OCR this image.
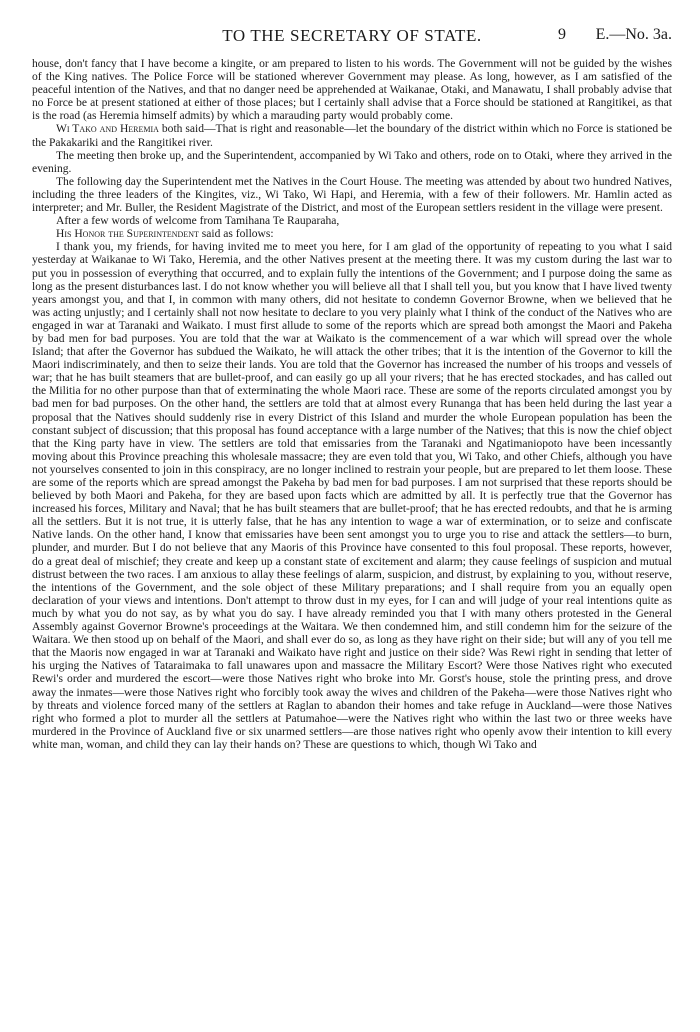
TO THE SECRETARY OF STATE.	9 E.—No. 3a.

house, don't fancy that I have become a kingite, or am prepared to listen to his words. The Government will not be guided by the wishes of the King natives. The Police Force will be stationed wherever Government may please. As long, however, as I am satisfied of the peaceful intention of the Natives, and that no danger need be apprehended at Waikanae, Otaki, and Manawatu, I shall probably advise that no Force be at present stationed at either of those places; but I certainly shall advise that a Force should be stationed at Rangitikei, as that is the road (as Heremia himself admits) by which a marauding party would probably come.

Wi Tako and Heremia both said—That is right and reasonable—let the boundary of the district within which no Force is stationed be the Pakakariki and the Rangitikei river.

The meeting then broke up, and the Superintendent, accompanied by Wi Tako and others, rode on to Otaki, where they arrived in the evening.

The following day the Superintendent met the Natives in the Court House. The meeting was attended by about two hundred Natives, including the three leaders of the Kingites, viz., Wi Tako, Wi Hapi, and Heremia, with a few of their followers. Mr. Hamlin acted as interpreter; and Mr. Buller, the Resident Magistrate of the District, and most of the European settlers resident in the village were present.

After a few words of welcome from Tamihana Te Rauparaha,

His Honor the Superintendent said as follows:

I thank you, my friends, for having invited me to meet you here, for I am glad of the opportunity of repeating to you what I said yesterday at Waikanae to Wi Tako, Heremia, and the other Natives present at the meeting there. It was my custom during the last war to put you in possession of everything that occurred, and to explain fully the intentions of the Government; and I purpose doing the same as long as the present disturbances last. I do not know whether you will believe all that I shall tell you, but you know that I have lived twenty years amongst you, and that I, in common with many others, did not hesitate to condemn Governor Browne, when we believed that he was acting unjustly; and I certainly shall not now hesitate to declare to you very plainly what I think of the conduct of the Natives who are engaged in war at Taranaki and Waikato. I must first allude to some of the reports which are spread both amongst the Maori and Pakeha by bad men for bad purposes. You are told that the war at Waikato is the commencement of a war which will spread over the whole Island; that after the Governor has subdued the Waikato, he will attack the other tribes; that it is the intention of the Governor to kill the Maori indiscriminately, and then to seize their lands. You are told that the Governor has increased the number of his troops and vessels of war; that he has built steamers that are bullet-proof, and can easily go up all your rivers; that he has erected stockades, and has called out the Militia for no other purpose than that of exterminating the whole Maori race. These are some of the reports circulated amongst you by bad men for bad purposes. On the other hand, the settlers are told that at almost every Runanga that has been held during the last year a proposal that the Natives should suddenly rise in every District of this Island and murder the whole European population has been the constant subject of discussion; that this proposal has found acceptance with a large number of the Natives; that this is now the chief object that the King party have in view. The settlers are told that emissaries from the Taranaki and Ngatimaniopoto have been incessantly moving about this Province preaching this wholesale massacre; they are even told that you, Wi Tako, and other Chiefs, although you have not yourselves consented to join in this conspiracy, are no longer inclined to restrain your people, but are prepared to let them loose. These are some of the reports which are spread amongst the Pakeha by bad men for bad purposes. I am not surprised that these reports should be believed by both Maori and Pakeha, for they are based upon facts which are admitted by all. It is perfectly true that the Governor has increased his forces, Military and Naval; that he has built steamers that are bullet-proof; that he has erected redoubts, and that he is arming all the settlers. But it is not true, it is utterly false, that he has any intention to wage a war of extermination, or to seize and confiscate Native lands. On the other hand, I know that emissaries have been sent amongst you to urge you to rise and attack the settlers—to burn, plunder, and murder. But I do not believe that any Maoris of this Province have consented to this foul proposal. These reports, however, do a great deal of mischief; they create and keep up a constant state of excitement and alarm; they cause feelings of suspicion and mutual distrust between the two races. I am anxious to allay these feelings of alarm, suspicion, and distrust, by explaining to you, without reserve, the intentions of the Government, and the sole object of these Military preparations; and I shall require from you an equally open declaration of your views and intentions. Don't attempt to throw dust in my eyes, for I can and will judge of your real intentions quite as much by what you do not say, as by what you do say. I have already reminded you that I with many others protested in the General Assembly against Governor Browne's proceedings at the Waitara. We then condemned him, and still condemn him for the seizure of the Waitara. We then stood up on behalf of the Maori, and shall ever do so, as long as they have right on their side; but will any of you tell me that the Maoris now engaged in war at Taranaki and Waikato have right and justice on their side? Was Rewi right in sending that letter of his urging the Natives of Tataraimaka to fall unawares upon and massacre the Military Escort? Were those Natives right who executed Rewi's order and murdered the escort—were those Natives right who broke into Mr. Gorst's house, stole the printing press, and drove away the inmates—were those Natives right who forcibly took away the wives and children of the Pakeha—were those Natives right who by threats and violence forced many of the settlers at Raglan to abandon their homes and take refuge in Auckland—were those Natives right who formed a plot to murder all the settlers at Patumahoe—were the Natives right who within the last two or three weeks have murdered in the Province of Auckland five or six unarmed settlers—are those natives right who openly avow their intention to kill every white man, woman, and child they can lay their hands on? These are questions to which, though Wi Tako and
